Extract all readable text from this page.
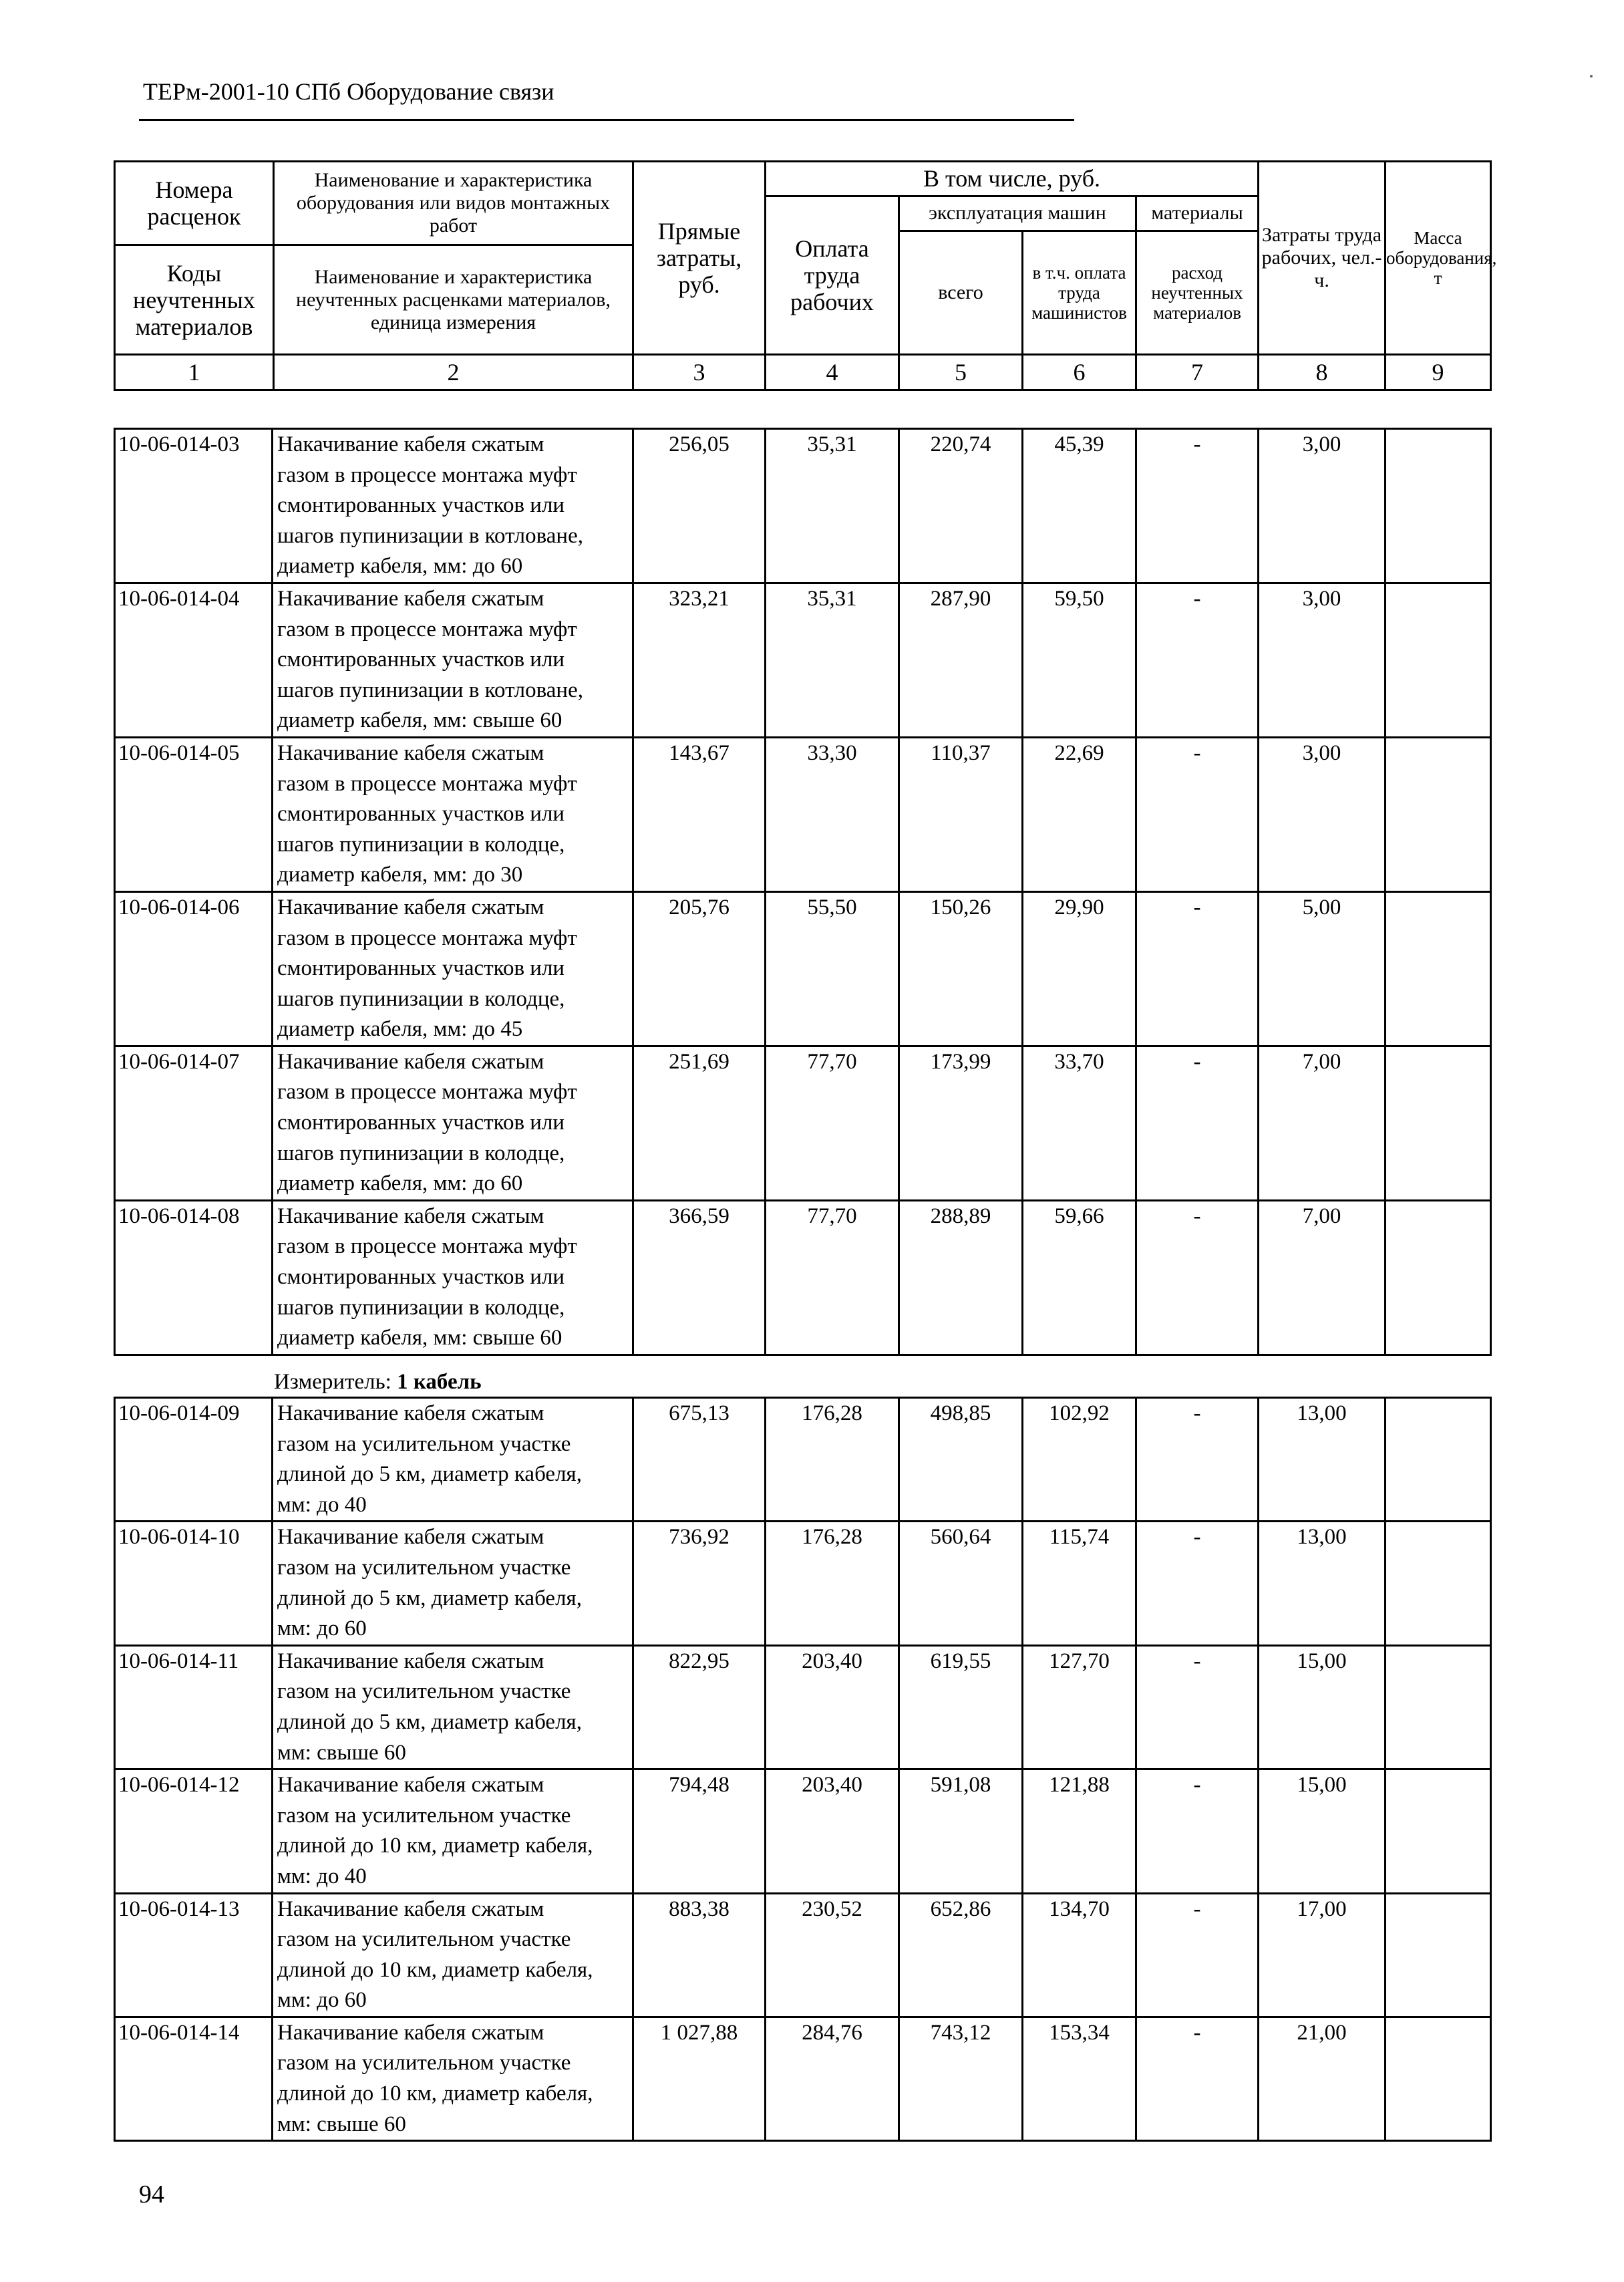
ТЕРм-2001-10 СПб Оборудование связи
Номера расценок	Наименование и характеристика оборудования или видов монтажных работ	Прямые затраты, руб.	В том числе, руб.				Затраты труда рабочих, чел.-ч.	Масса оборудования, т
			Оплата труда рабочих	эксплуатация машин		материалы		
				всего	в т.ч. оплата труда машинистов	расход неучтенных материалов		
Коды неучтенных материалов	Наименование и характеристика неучтенных расценками материалов, единица измерения							

1	2	3	4	5	6	7	8	9
10-06-014-03	Накачивание кабеля сжатым
газом в процессе монтажа муфт
смонтированных участков или
шагов пупинизации в котловане,
диаметр кабеля, мм: до 60	256,05	35,31	220,74	45,39	-	3,00	
10-06-014-04	Накачивание кабеля сжатым
газом в процессе монтажа муфт
смонтированных участков или
шагов пупинизации в котловане,
диаметр кабеля, мм: свыше 60	323,21	35,31	287,90	59,50	-	3,00	
10-06-014-05	Накачивание кабеля сжатым
газом в процессе монтажа муфт
смонтированных участков или
шагов пупинизации в колодце,
диаметр кабеля, мм: до 30	143,67	33,30	110,37	22,69	-	3,00	
10-06-014-06	Накачивание кабеля сжатым
газом в процессе монтажа муфт
смонтированных участков или
шагов пупинизации в колодце,
диаметр кабеля, мм: до 45	205,76	55,50	150,26	29,90	-	5,00	
10-06-014-07	Накачивание кабеля сжатым
газом в процессе монтажа муфт
смонтированных участков или
шагов пупинизации в колодце,
диаметр кабеля, мм: до 60	251,69	77,70	173,99	33,70	-	7,00	
10-06-014-08	Накачивание кабеля сжатым
газом в процессе монтажа муфт
смонтированных участков или
шагов пупинизации в колодце,
диаметр кабеля, мм: свыше 60	366,59	77,70	288,89	59,66	-	7,00	
Измеритель: 1 кабель
10-06-014-09	Накачивание кабеля сжатым
газом на усилительном участке
длиной до 5 км, диаметр кабеля,
мм: до 40	675,13	176,28	498,85	102,92	-	13,00	
10-06-014-10	Накачивание кабеля сжатым
газом на усилительном участке
длиной до 5 км, диаметр кабеля,
мм: до 60	736,92	176,28	560,64	115,74	-	13,00	
10-06-014-11	Накачивание кабеля сжатым
газом на усилительном участке
длиной до 5 км, диаметр кабеля,
мм: свыше 60	822,95	203,40	619,55	127,70	-	15,00	
10-06-014-12	Накачивание кабеля сжатым
газом на усилительном участке
длиной до 10 км, диаметр кабеля,
мм: до 40	794,48	203,40	591,08	121,88	-	15,00	
10-06-014-13	Накачивание кабеля сжатым
газом на усилительном участке
длиной до 10 км, диаметр кабеля,
мм: до 60	883,38	230,52	652,86	134,70	-	17,00	
10-06-014-14	Накачивание кабеля сжатым
газом на усилительном участке
длиной до 10 км, диаметр кабеля,
мм: свыше 60	1 027,88	284,76	743,12	153,34	-	21,00	
94
